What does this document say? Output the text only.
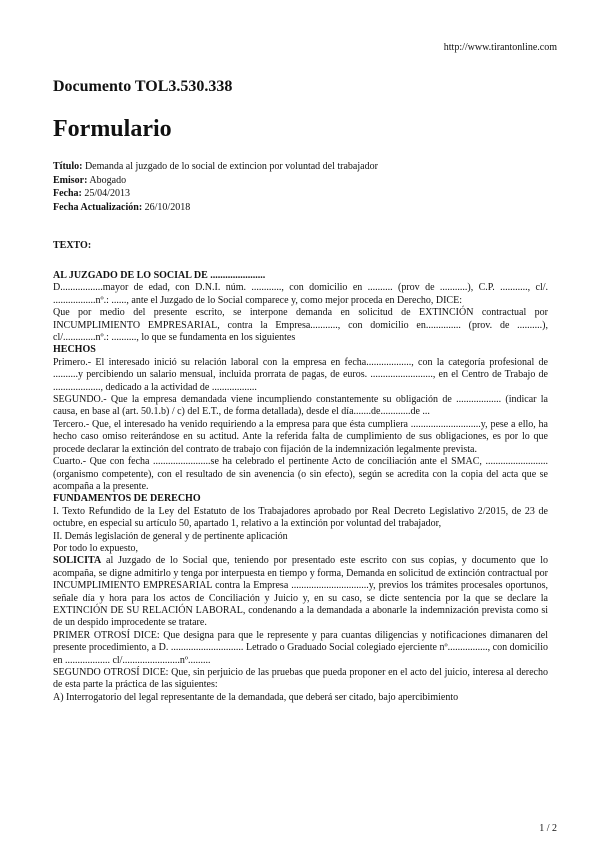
http://www.tirantonline.com
Documento TOL3.530.338
Formulario
Título: Demanda al juzgado de lo social de extincion por voluntad del trabajador
Emisor: Abogado
Fecha: 25/04/2013
Fecha Actualización: 26/10/2018
TEXTO:

AL JUZGADO DE LO SOCIAL DE ......................

D.................mayor de edad, con D.N.I. núm. ............, con domicilio en .......... (prov de ...........), C.P. ..........., cl/. .................nº.: ......, ante el Juzgado de lo Social comparece y, como mejor proceda en Derecho, DICE:

Que por medio del presente escrito, se interpone demanda en solicitud de EXTINCIÓN contractual por INCUMPLIMIENTO EMPRESARIAL, contra la Empresa..........., con domicilio en.............. (prov. de ..........), cl/.............nº.: .........., lo que se fundamenta en los siguientes

HECHOS

Primero.- El interesado inició su relación laboral con la empresa en fecha.................., con la categoría profesional de ..........y percibiendo un salario mensual, incluida prorrata de pagas, de euros. ........................., en el Centro de Trabajo de ..................., dedicado a la actividad de ..................

SEGUNDO.- Que la empresa demandada viene incumpliendo constantemente su obligación de .................. (indicar la causa, en base al (art. 50.1.b) / c) del E.T., de forma detallada), desde el día.......de............de ...

Tercero.- Que, el interesado ha venido requiriendo a la empresa para que ésta cumpliera ............................y, pese a ello, ha hecho caso omiso reiterándose en su actitud. Ante la referida falta de cumplimiento de sus obligaciones, es por lo que procede declarar la extinción del contrato de trabajo con fijación de la indemnización legalmente prevista.

Cuarto.- Que con fecha .......................se ha celebrado el pertinente Acto de conciliación ante el SMAC, ......................... (organismo competente), con el resultado de sin avenencia (o sin efecto), según se acredita con la copia del acta que se acompaña a la presente.

FUNDAMENTOS DE DERECHO

I. Texto Refundido de la Ley del Estatuto de los Trabajadores aprobado por Real Decreto Legislativo 2/2015, de 23 de octubre, en especial su artículo 50, apartado 1, relativo a la extinción por voluntad del trabajador,

II. Demás legislación de general y de pertinente aplicación

Por todo lo expuesto,

SOLICITA al Juzgado de lo Social que, teniendo por presentado este escrito con sus copias, y documento que lo acompaña, se digne admitirlo y tenga por interpuesta en tiempo y forma, Demanda en solicitud de extinción contractual por INCUMPLIMIENTO EMPRESARIAL contra la Empresa ...............................y, previos los trámites procesales oportunos, señale día y hora para los actos de Conciliación y Juicio y, en su caso, se dicte sentencia por la que se declare la EXTINCIÓN DE SU RELACIÓN LABORAL, condenando a la demandada a abonarle la indemnización prevista como si de un despido improcedente se tratare.

PRIMER OTROSÍ DICE: Que designa para que le represente y para cuantas diligencias y notificaciones dimanaren del presente procedimiento, a D. ............................. Letrado o Graduado Social colegiado ejerciente nº................, con domicilio en .................. cl/.......................nº.........

SEGUNDO OTROSÍ DICE: Que, sin perjuicio de las pruebas que pueda proponer en el acto del juicio, interesa al derecho de esta parte la práctica de las siguientes:

A) Interrogatorio del legal representante de la demandada, que deberá ser citado, bajo apercibimiento

1 / 2
